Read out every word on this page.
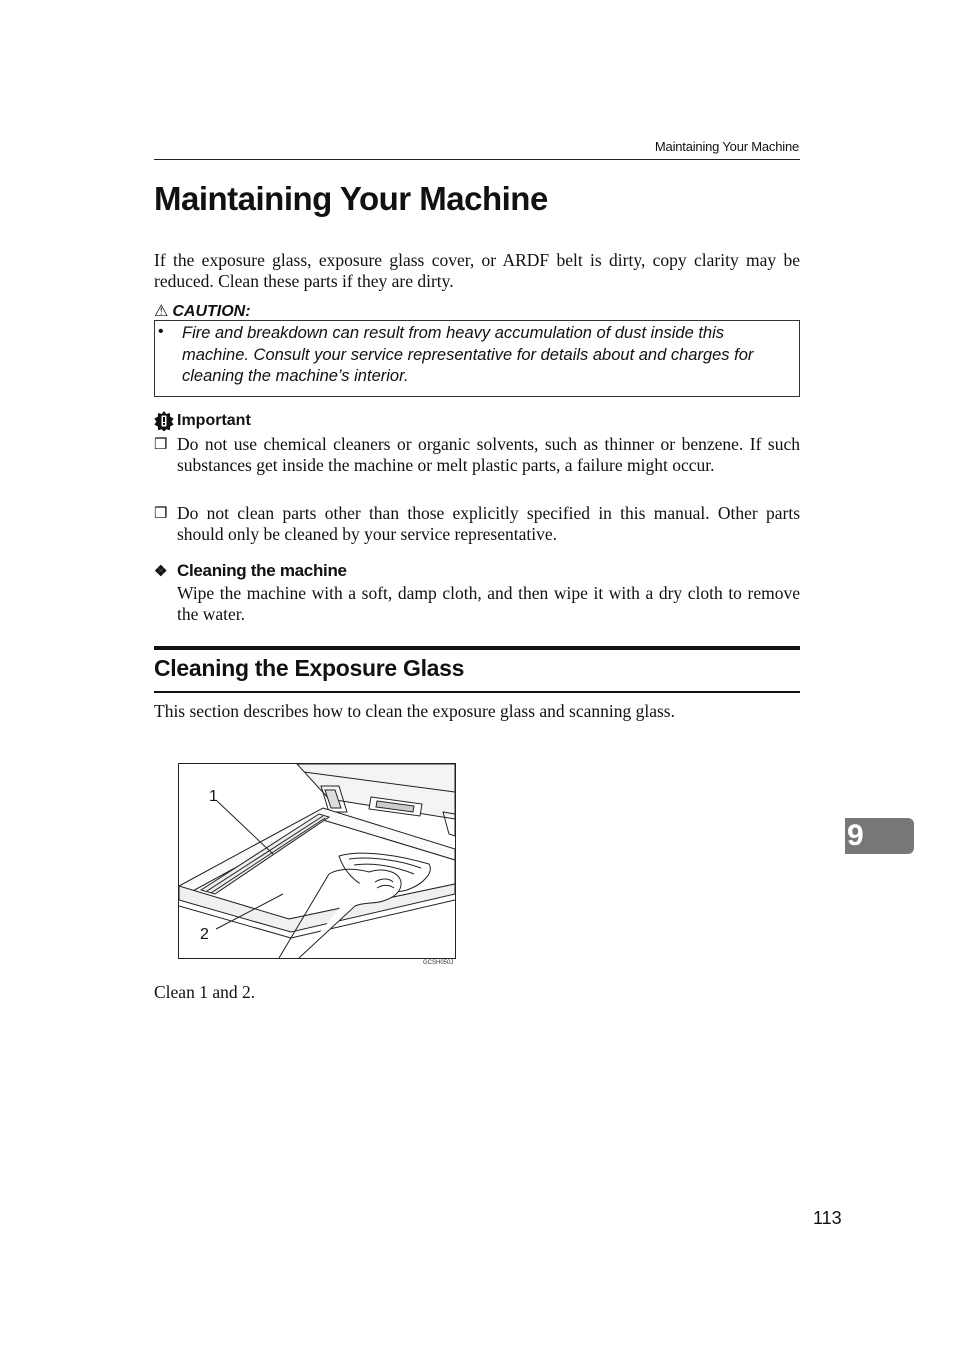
Maintaining Your Machine
Maintaining Your Machine
If the exposure glass, exposure glass cover, or ARDF belt is dirty, copy clarity may be reduced. Clean these parts if they are dirty.
⚠ CAUTION:
• Fire and breakdown can result from heavy accumulation of dust inside this machine. Consult your service representative for details about and charges for cleaning the machine’s interior.
Important
❒ Do not use chemical cleaners or organic solvents, such as thinner or benzene. If such substances get inside the machine or melt plastic parts, a failure might occur.
❒ Do not clean parts other than those explicitly specified in this manual. Other parts should only be cleaned by your service representative.
❖ Cleaning the machine
Wipe the machine with a soft, damp cloth, and then wipe it with a dry cloth to remove the water.
Cleaning the Exposure Glass
This section describes how to clean the exposure glass and scanning glass.
1
2
GCSH050J
Clean 1 and 2.
9
113
